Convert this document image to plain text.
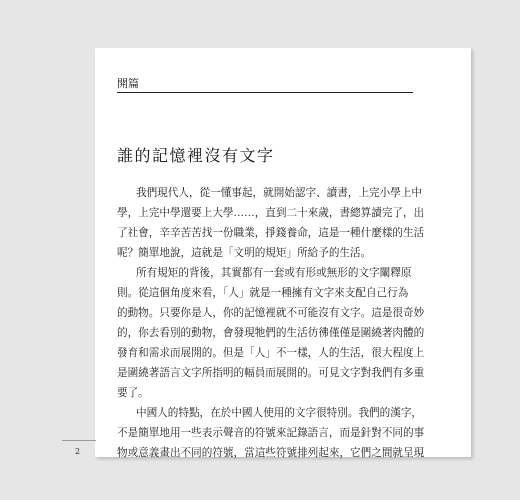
2
開篇
誰的記憶裡沒有文字

我們現代人，從一懂事起，就開始認字、讀書，上完小學上中
學，上完中學還要上大學……，直到二十來歲，書總算讀完了，出
了社會，辛辛苦苦找一份職業，掙錢養命，這是一種什麼樣的生活
呢？簡單地說，這就是「文明的規矩」所給予的生活。

所有規矩的背後，其實都有一套或有形或無形的文字闡釋原
則。從這個角度來看，「人」就是一種擁有文字來支配自己行為
的動物。只要你是人，你的記憶裡就不可能沒有文字。這是很奇妙
的，你去看別的動物，會發現牠們的生活彷彿僅僅是圍繞著肉體的
發育和需求而展開的。但是「人」不一樣，人的生活，很大程度上
是圍繞著語言文字所指明的幅員而展開的。可見文字對我們有多重
要了。

中國人的特點，在於中國人使用的文字很特別。我們的漢字，
不是簡單地用一些表示聲音的符號來記錄語言，而是針對不同的事
物或意義畫出不同的符號，當這些符號排列起來，它們之間就呈現
